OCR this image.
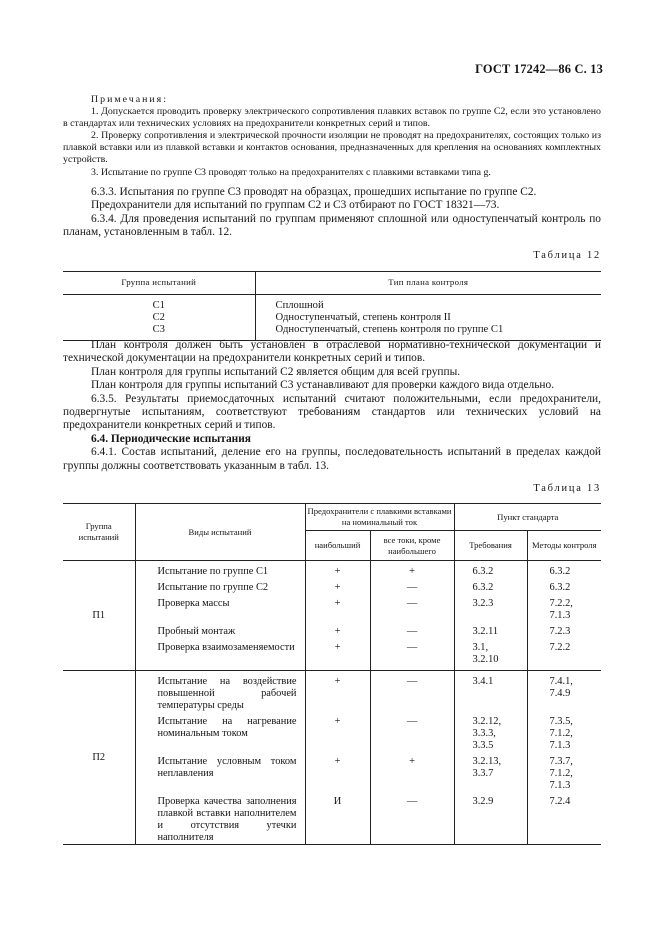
ГОСТ 17242—86 С. 13

Примечания:

1. Допускается проводить проверку электрического сопротивления плавких вставок по группе С2, если это установлено в стандартах или технических условиях на предохранители конкретных серий и типов.

2. Проверку сопротивления и электрической прочности изоляции не проводят на предохранителях, состоящих только из плавкой вставки или из плавкой вставки и контактов основания, предназначенных для крепления на основаниях комплектных устройств.

3. Испытание по группе С3 проводят только на предохранителях с плавкими вставками типа g.

6.3.3. Испытания по группе С3 проводят на образцах, прошедших испытание по группе С2.

Предохранители для испытаний по группам С2 и С3 отбирают по ГОСТ 18321—73.

6.3.4. Для проведения испытаний по группам применяют сплошной или одноступенчатый контроль по планам, установленным в табл. 12.

Таблица 12
Группа испытаний	Тип плана контроля

С1	Сплошной
С2	Одноступенчатый, степень контроля II
С3	Одноступенчатый, степень контроля по группе С1

План контроля должен быть установлен в отраслевой нормативно-технической документации и технической документации на предохранители конкретных серий и типов.

План контроля для группы испытаний С2 является общим для всей группы.

План контроля для группы испытаний С3 устанавливают для проверки каждого вида отдельно.

6.3.5. Результаты приемосдаточных испытаний считают положительными, если предохранители, подвергнутые испытаниям, соответствуют требованиям стандартов или технических условий на предохранители конкретных серий и типов.

6.4. Периодические испытания

6.4.1. Состав испытаний, деление его на группы, последовательность испытаний в пределах каждой группы должны соответствовать указанным в табл. 13.

Таблица 13
Группа испытаний	Виды испытаний	Предохранители с плавкими вставками на номинальный ток		Пункт стандарта	
		наибольший	все токи, кроме наибольшего	Требования	Методы контроля
П1	Испытание по группе С1	+	+	6.3.2	6.3.2
	Испытание по группе С2	+	—	6.3.2	6.3.2
	Проверка массы	+	—	3.2.3	7.2.2,
7.1.3
	Пробный монтаж	+	—	3.2.11	7.2.3
	Проверка взаимозаменяемости	+	—	3.1,
3.2.10	7.2.2
П2	Испытание на воздействие повышенной рабочей температуры среды	+	—	3.4.1	7.4.1,
7.4.9
	Испытание на нагревание номинальным током	+	—	3.2.12,
3.3.3,
3.3.5	7.3.5,
7.1.2,
7.1.3
	Испытание условным током неплавления	+	+	3.2.13,
3.3.7	7.3.7,
7.1.2,
7.1.3
	Проверка качества заполнения плавкой вставки наполнителем и отсутствия утечки наполнителя	И	—	3.2.9	7.2.4
